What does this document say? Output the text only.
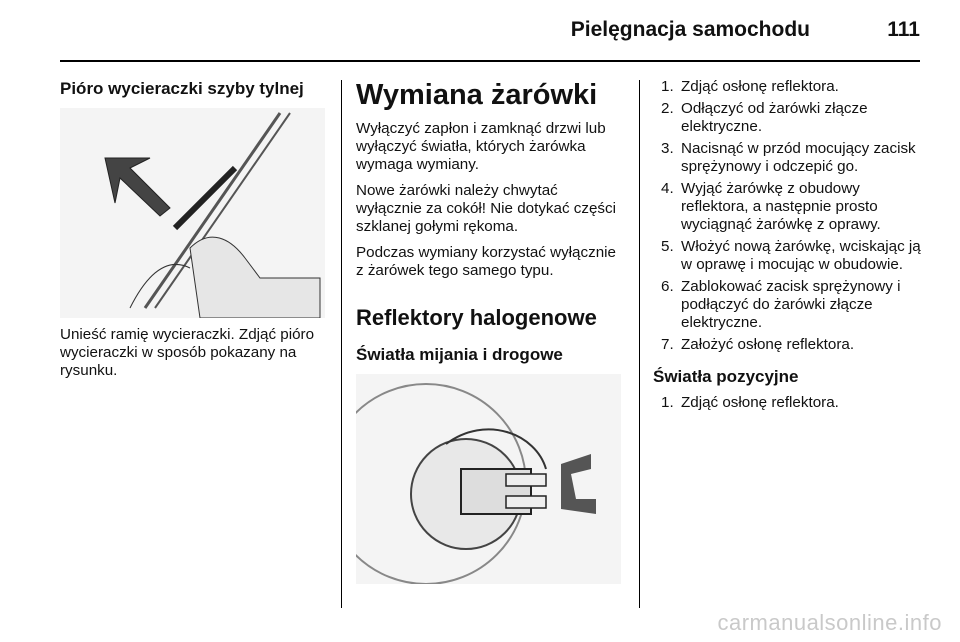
Pielęgnacja samochodu	111
Pióro wycieraczki szyby tylnej

Unieść ramię wycieraczki. Zdjąć pióro wycieraczki w sposób pokazany na rysunku.

Wymiana żarówki

Wyłączyć zapłon i zamknąć drzwi lub wyłączyć światła, których żarówka wymaga wymiany.

Nowe żarówki należy chwytać wyłącznie za cokół! Nie dotykać części szklanej gołymi rękoma.

Podczas wymiany korzystać wyłącznie z żarówek tego samego typu.

Reflektory halogenowe
Światła mijania i drogowe
1. Zdjąć osłonę reflektora.
2. Odłączyć od żarówki złącze elektryczne.
3. Nacisnąć w przód mocujący zacisk sprężynowy i odczepić go.
4. Wyjąć żarówkę z obudowy reflektora, a następnie prosto wyciągnąć żarówkę z oprawy.
5. Włożyć nową żarówkę, wciskając ją w oprawę i mocując w obudowie.
6. Zablokować zacisk sprężynowy i podłączyć do żarówki złącze elektryczne.
7. Założyć osłonę reflektora.
Światła pozycyjne
1. Zdjąć osłonę reflektora.
carmanualsonline.info
